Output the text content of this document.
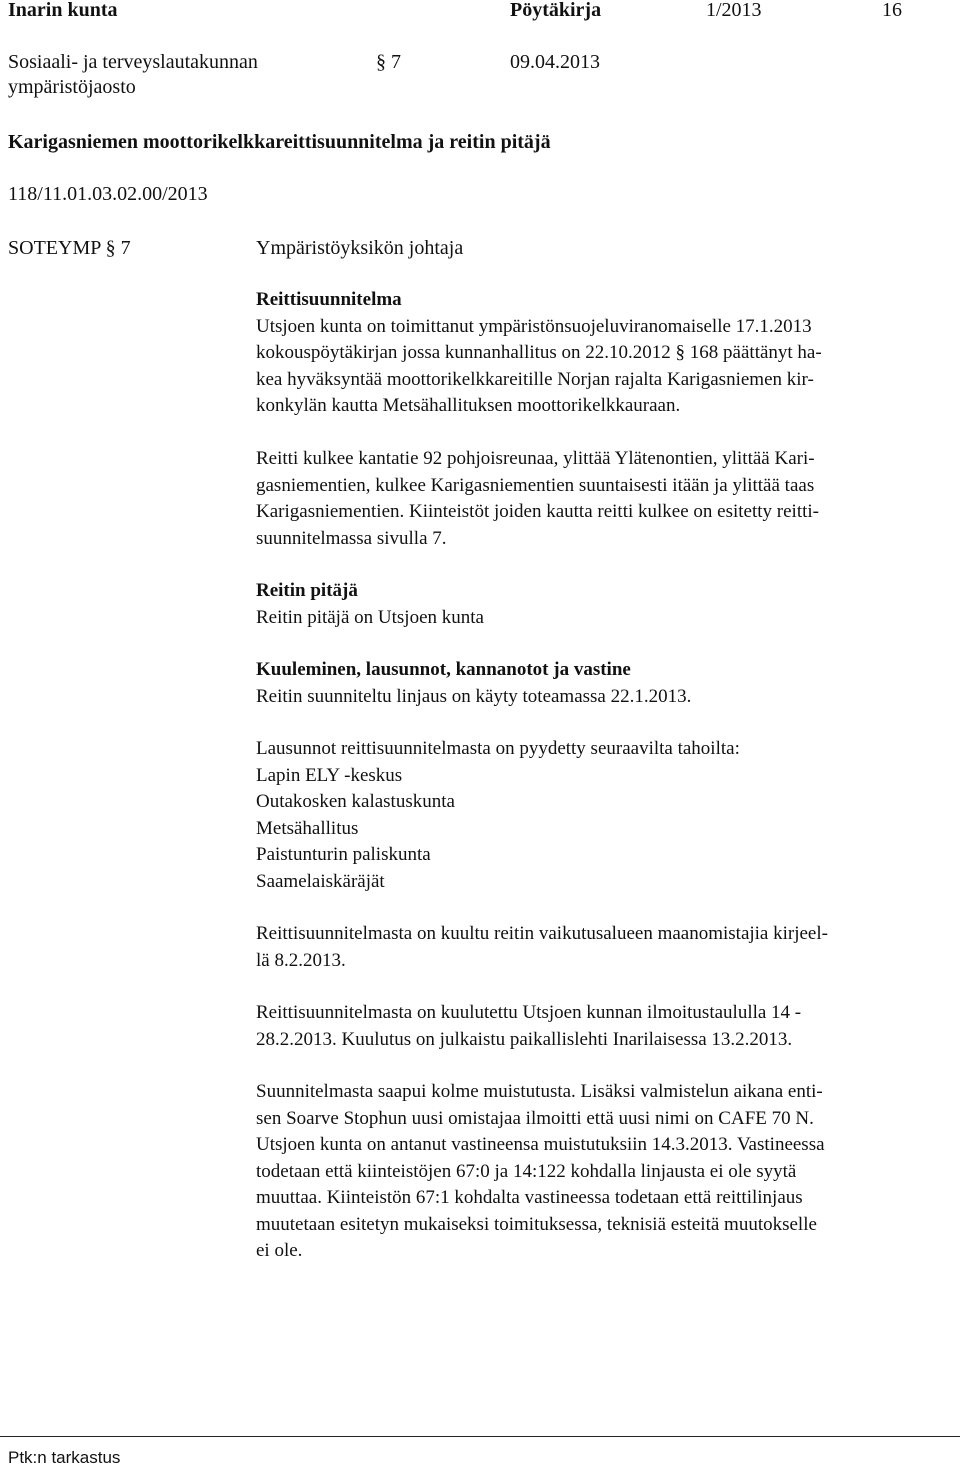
Inarin kunta	Pöytäkirja	1/2013	16
Sosiaali- ja terveyslautakunnan
ympäristöjaosto
§ 7	09.04.2013
Karigasniemen moottorikelkkareittisuunnitelma ja reitin pitäjä
118/11.01.03.02.00/2013
SOTEYMP § 7	Ympäristöyksikön johtaja
Reittisuunnitelma
Utsjoen kunta on toimittanut ympäristönsuojeluviranomaiselle 17.1.2013
kokouspöytäkirjan jossa kunnanhallitus on 22.10.2012 § 168 päättänyt ha-
kea hyväksyntää moottorikelkkareitille Norjan rajalta Karigasniemen kir-
konkylän kautta Metsähallituksen moottorikelkkauraan.
Reitti kulkee kantatie 92 pohjoisreunaa, ylittää Ylätenontien, ylittää Kari-
gasniementien, kulkee Karigasniementien suuntaisesti itään ja ylittää taas
Karigasniementien. Kiinteistöt joiden kautta reitti kulkee on esitetty reitti-
suunnitelmassa sivulla 7.
Reitin pitäjä
Reitin pitäjä on Utsjoen kunta
Kuuleminen, lausunnot, kannanotot ja vastine
Reitin suunniteltu linjaus on käyty toteamassa 22.1.2013.
Lausunnot reittisuunnitelmasta on pyydetty seuraavilta tahoilta:
Lapin ELY -keskus
Outakosken kalastuskunta
Metsähallitus
Paistunturin paliskunta
Saamelaiskäräjät
Reittisuunnitelmasta on kuultu reitin vaikutusalueen maanomistajia kirjeel-
lä 8.2.2013.
Reittisuunnitelmasta on kuulutettu Utsjoen kunnan ilmoitustaululla 14 -
28.2.2013. Kuulutus on julkaistu paikallislehti Inarilaisessa 13.2.2013.
Suunnitelmasta saapui kolme muistutusta. Lisäksi valmistelun aikana enti-
sen Soarve Stophun uusi omistajaa ilmoitti että uusi nimi on CAFE 70 N.
Utsjoen kunta on antanut vastineensa muistutuksiin 14.3.2013. Vastineessa
todetaan että kiinteistöjen 67:0 ja 14:122 kohdalla linjausta ei ole syytä
muuttaa. Kiinteistön 67:1 kohdalta vastineessa todetaan että reittilinjaus
muutetaan esitetyn mukaiseksi toimituksessa, teknisiä esteitä muutokselle
ei ole.
Ptk:n tarkastus
